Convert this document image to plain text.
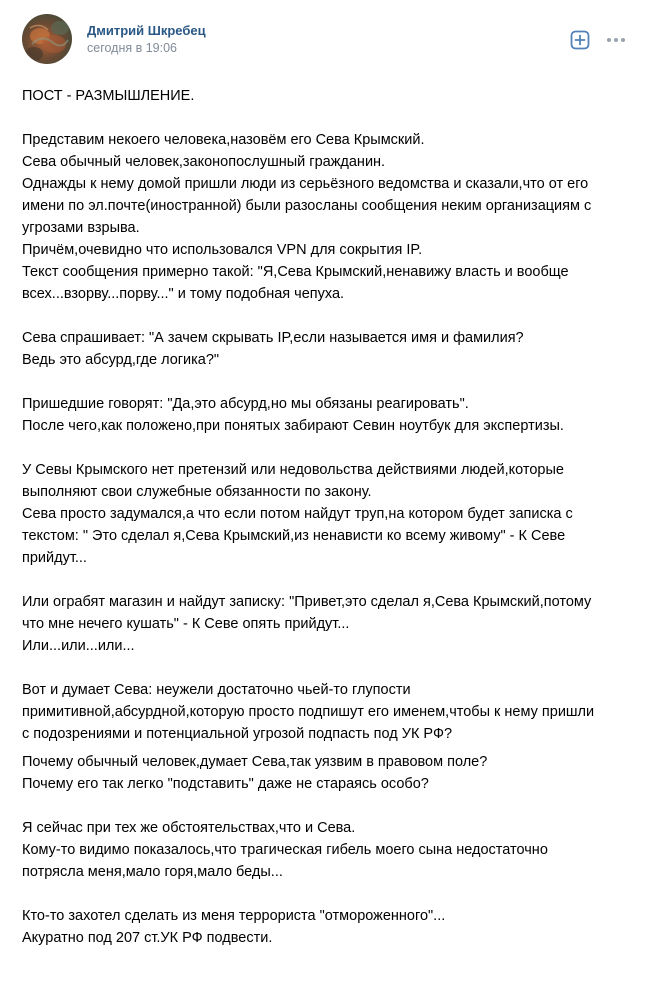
Дмитрий Шкребец
сегодня в 19:06
ПОСТ - РАЗМЫШЛЕНИЕ.
Представим некоего человека,назовём его Сева Крымский.
Сева обычный человек,законопослушный гражданин.
Однажды к нему домой пришли люди из серьёзного ведомства и сказали,что от его
имени по эл.почте(иностранной) были разосланы сообщения неким организациям с
угрозами взрыва.
Причём,очевидно что использовался VPN для сокрытия IP.
Текст сообщения примерно такой: "Я,Сева Крымский,ненавижу власть и вообще
всех...взорву...порву..." и тому подобная чепуха.
Сева спрашивает: "А зачем скрывать IP,если называется имя и фамилия?
Ведь это абсурд,где логика?"
Пришедшие говорят: "Да,это абсурд,но мы обязаны реагировать".
После чего,как положено,при понятых забирают Севин ноутбук для экспертизы.
У Севы Крымского нет претензий или недовольства действиями людей,которые
выполняют свои служебные обязанности по закону.
Сева просто задумался,а что если потом найдут труп,на котором будет записка с
текстом: " Это сделал я,Сева Крымский,из ненависти ко всему живому" - К Севе
прийдут...
Или ограбят магазин и найдут записку: "Привет,это сделал я,Сева Крымский,потому
что мне нечего кушать" - К Севе опять прийдут...
Или...или...или...
Вот и думает Сева: неужели достаточно чьей-то глупости
примитивной,абсурдной,которую просто подпишут его именем,чтобы к нему пришли
с подозрениями и потенциальной угрозой подпасть под УК РФ?
Почему обычный человек,думает Сева,так уязвим в правовом поле?
Почему его так легко "подставить" даже не стараясь особо?
Я сейчас при тех же обстоятельствах,что и Сева.
Кому-то видимо показалось,что трагическая гибель моего сына недостаточно
потрясла меня,мало горя,мало беды...
Кто-то захотел сделать из меня террориста "отмороженного"...
Акуратно под 207 ст.УК РФ подвести.
